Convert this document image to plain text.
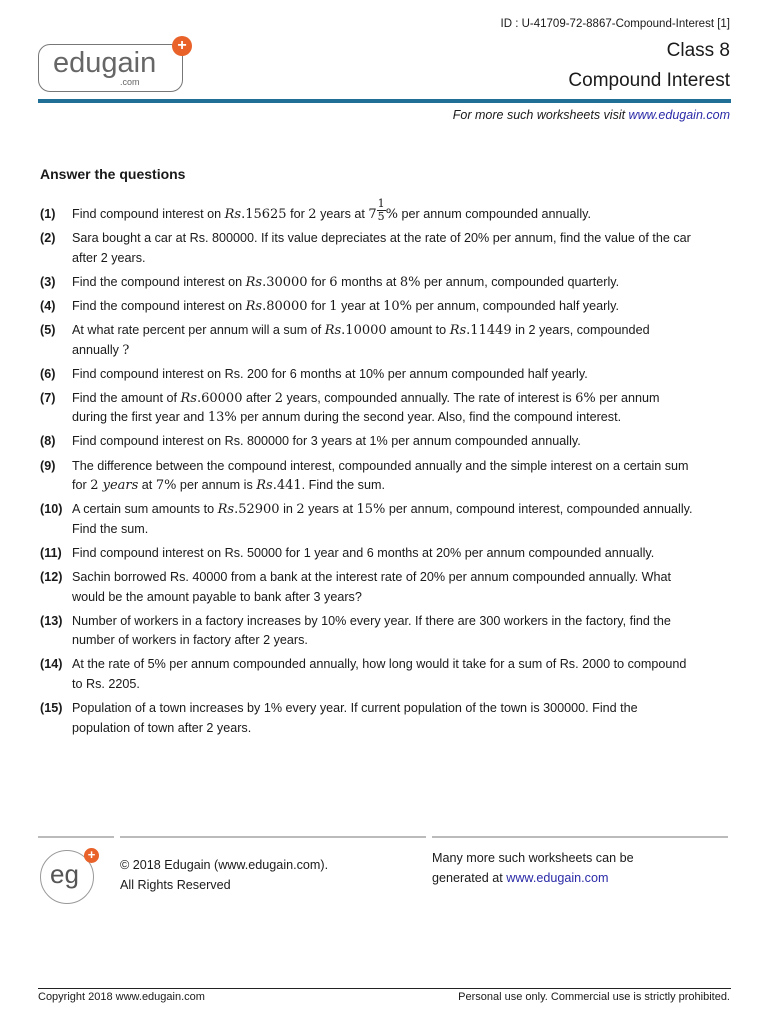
edugain
.com
+
ID : U-41709-72-8867-Compound-Interest [1]
Class 8
Compound Interest
For more such worksheets visit www.edugain.com
Answer the questions
(1)	Find compound interest on Rs.15625 for 2 years at $7 \frac{1}{5}$ % per annum compounded annually.
(2)	Sara bought a car at Rs. 800000. If its value depreciates at the rate of 20% per annum, find the value of the car after 2 years.
(3)	Find the compound interest on Rs.30000 for 6 months at 8% per annum, compounded quarterly.
(4)	Find the compound interest on Rs.80000 for 1 year at 10% per annum, compounded half yearly.
(5)	At what rate percent per annum will a sum of Rs.10000 amount to Rs.11449 in 2 years, compounded annually ?
(6)	Find compound interest on Rs. 200 for 6 months at 10% per annum compounded half yearly.
(7)	Find the amount of Rs.60000 after 2 years, compounded annually. The rate of interest is 6% per annum during the first year and 13% per annum during the second year. Also, find the compound interest.
(8)	Find compound interest on Rs. 800000 for 3 years at 1% per annum compounded annually.
(9)	The difference between the compound interest, compounded annually and the simple interest on a certain sum for 2 years at 7% per annum is Rs.441. Find the sum.
(10) A certain sum amounts to Rs.52900 in 2 years at 15% per annum, compound interest, compounded annually. Find the sum.
(11) Find compound interest on Rs. 50000 for 1 year and 6 months at 20% per annum compounded annually.
(12) Sachin borrowed Rs. 40000 from a bank at the interest rate of 20% per annum compounded annually. What would be the amount payable to bank after 3 years?
(13) Number of workers in a factory increases by 10% every year. If there are 300 workers in the factory, find the number of workers in factory after 2 years.
(14) At the rate of 5% per annum compounded annually, how long would it take for a sum of Rs. 2000 to compound to Rs. 2205.
(15) Population of a town increases by 1% every year. If current population of the town is 300000. Find the population of town after 2 years.
eg
+
© 2018 Edugain (www.edugain.com).
All Rights Reserved
Many more such worksheets can be
generated at www.edugain.com
Copyright 2018 www.edugain.com	Personal use only. Commercial use is strictly prohibited.
